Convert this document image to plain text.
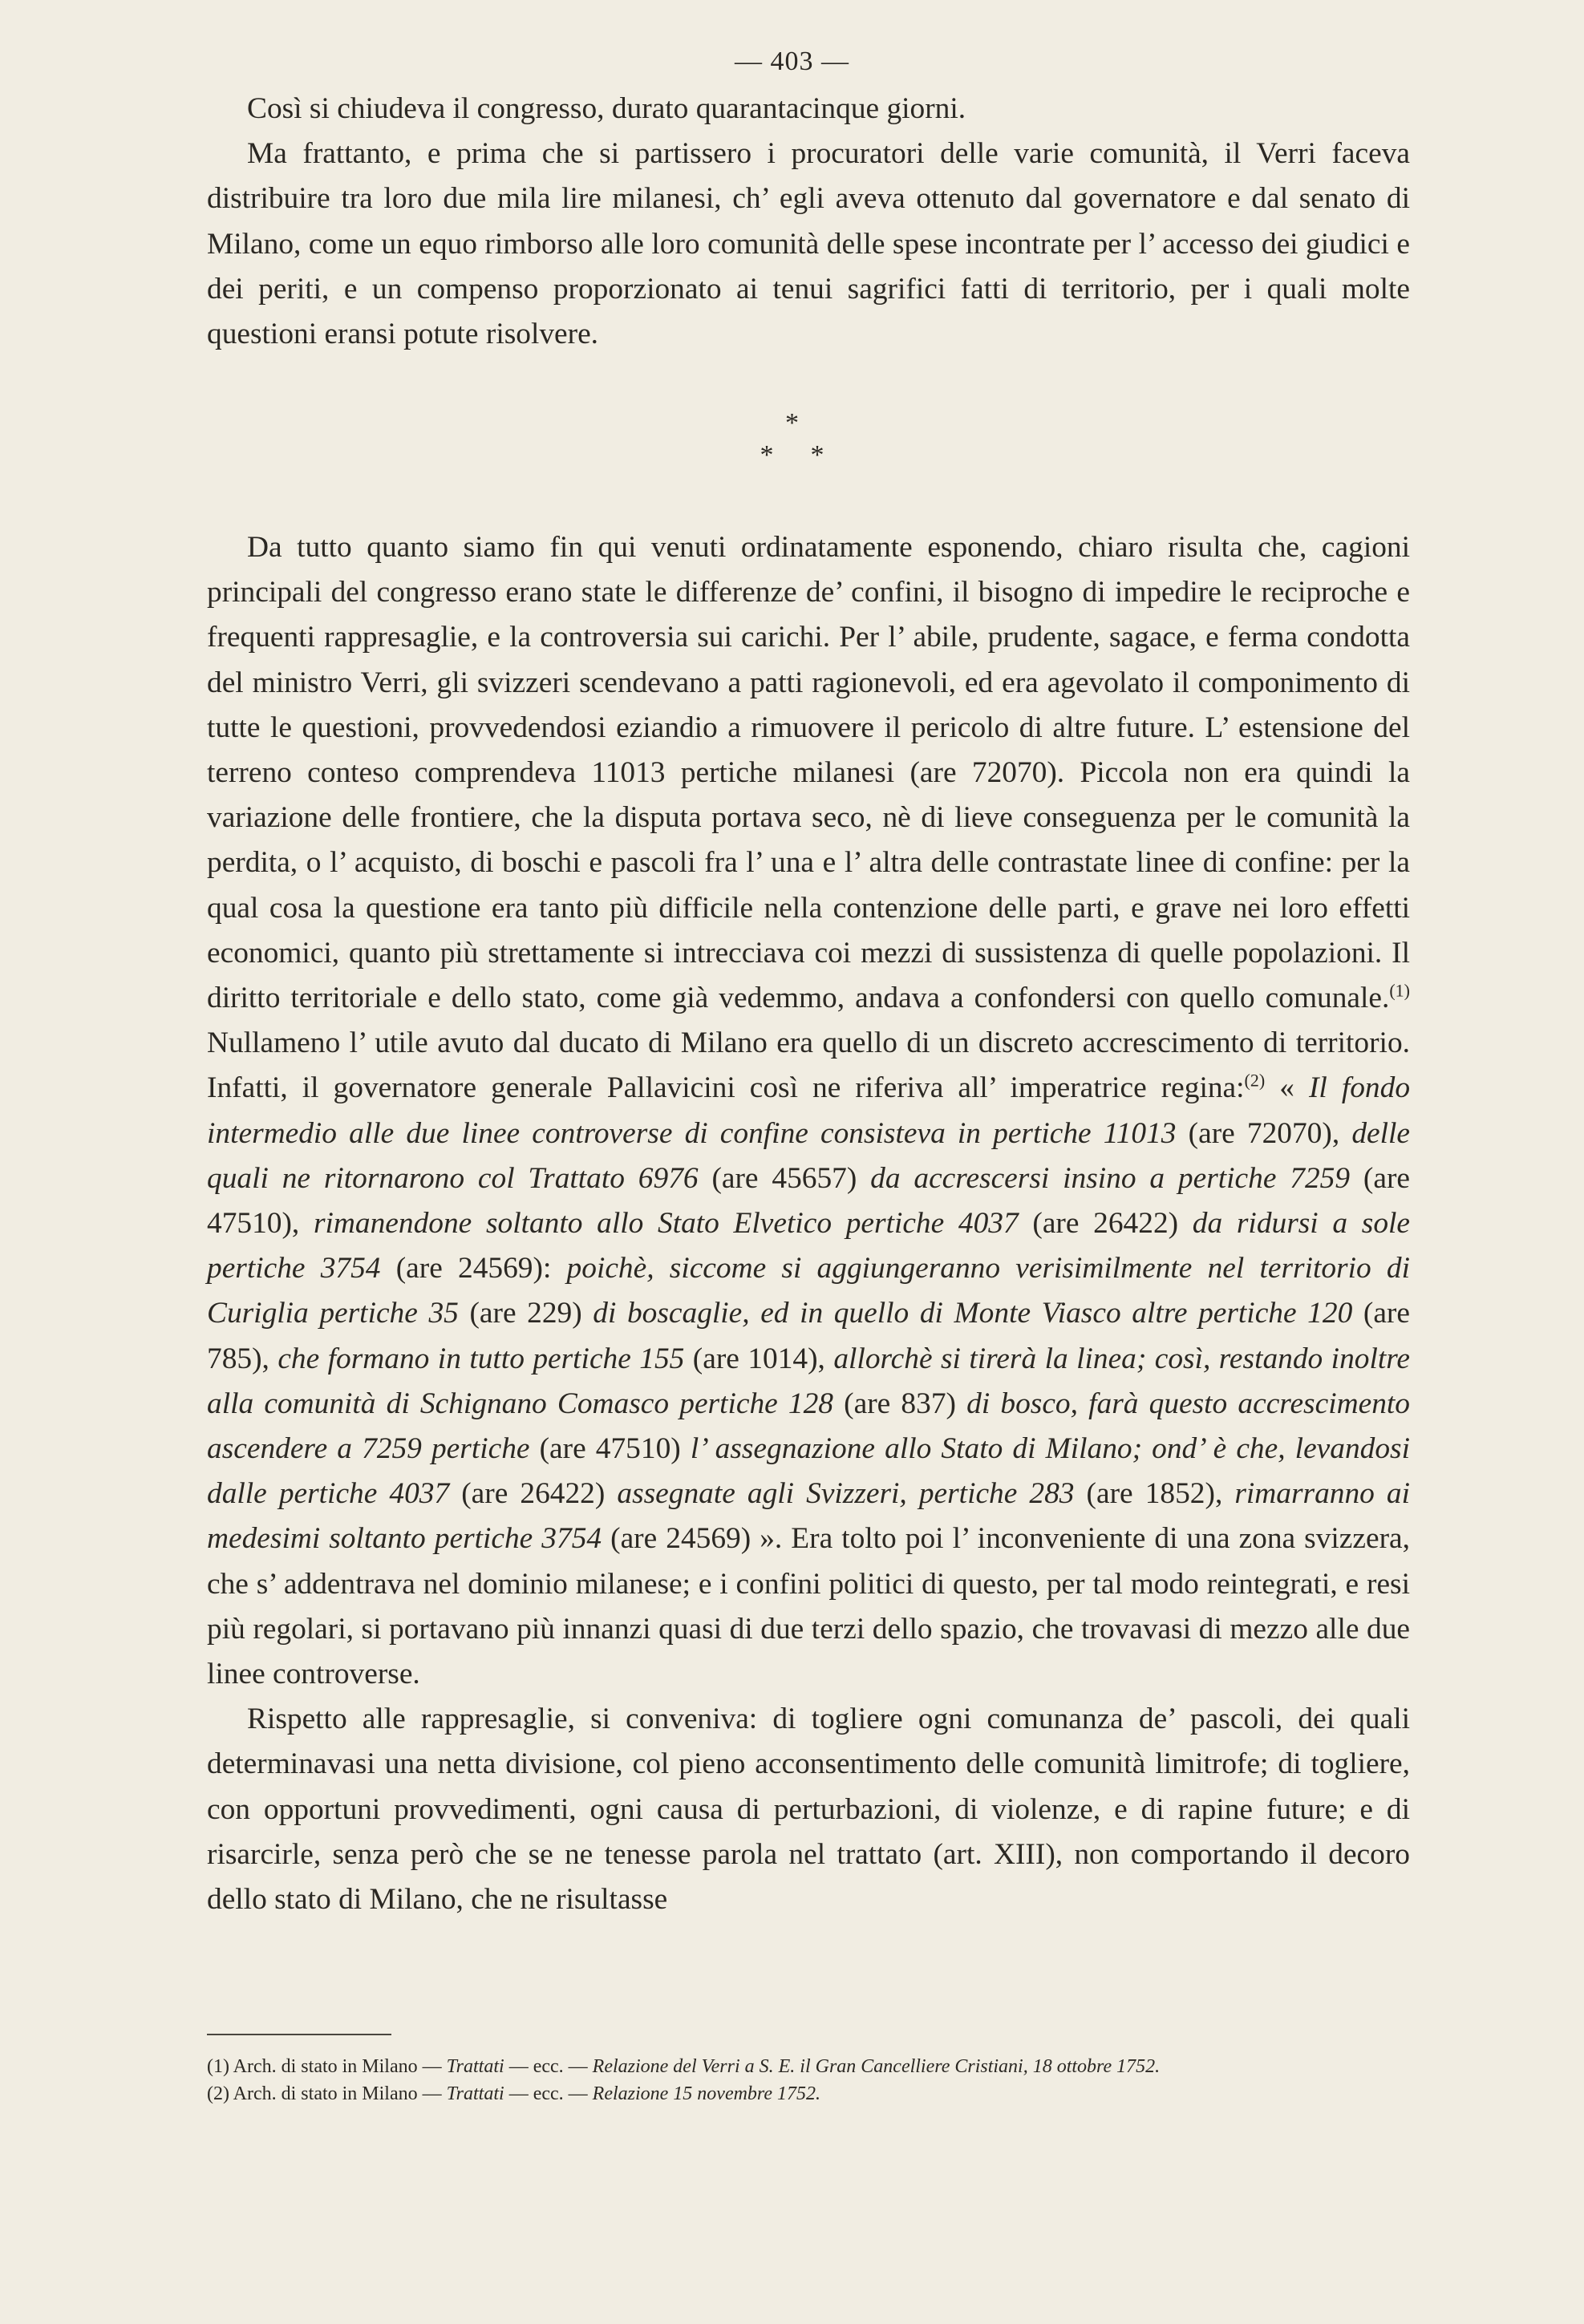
— 403 —

Così si chiudeva il congresso, durato quarantacinque giorni.

Ma frattanto, e prima che si partissero i procuratori delle varie comunità, il Verri faceva distribuire tra loro due mila lire milanesi, ch’ egli aveva ottenuto dal governatore e dal senato di Milano, come un equo rimborso alle loro comunità delle spese incontrate per l’ accesso dei giudici e dei periti, e un compenso proporzionato ai tenui sagrifici fatti di territorio, per i quali molte questioni eransi potute risolvere.

*
**

Da tutto quanto siamo fin qui venuti ordinatamente esponendo, chiaro risulta che, cagioni principali del congresso erano state le differenze de’ confini, il bisogno di impedire le reciproche e frequenti rappresaglie, e la controversia sui carichi. Per l’ abile, prudente, sagace, e ferma condotta del ministro Verri, gli svizzeri scendevano a patti ragionevoli, ed era agevolato il componimento di tutte le questioni, provvedendosi eziandio a rimuovere il pericolo di altre future. L’ estensione del terreno conteso comprendeva 11013 pertiche milanesi (are 72070). Piccola non era quindi la variazione delle frontiere, che la disputa portava seco, nè di lieve conseguenza per le comunità la perdita, o l’ acquisto, di boschi e pascoli fra l’ una e l’ altra delle contrastate linee di confine: per la qual cosa la questione era tanto più difficile nella contenzione delle parti, e grave nei loro effetti economici, quanto più strettamente si intrecciava coi mezzi di sussistenza di quelle popolazioni. Il diritto territoriale e dello stato, come già vedemmo, andava a confondersi con quello comunale.$^{(1)}$ Nullameno l’ utile avuto dal ducato di Milano era quello di un discreto accrescimento di territorio. Infatti, il governatore generale Pallavicini così ne riferiva all’ imperatrice regina:$^{(2)}$ « Il fondo intermedio alle due linee controverse di confine consisteva in pertiche 11013 (are 72070), delle quali ne ritornarono col Trattato 6976 (are 45657) da accrescersi insino a pertiche 7259 (are 47510), rimanendone soltanto allo Stato Elvetico pertiche 4037 (are 26422) da ridursi a sole pertiche 3754 (are 24569): poichè, siccome si aggiungeranno verisimilmente nel territorio di Curiglia pertiche 35 (are 229) di boscaglie, ed in quello di Monte Viasco altre pertiche 120 (are 785), che formano in tutto pertiche 155 (are 1014), allorchè si tirerà la linea; così, restando inoltre alla comunità di Schignano Comasco pertiche 128 (are 837) di bosco, farà questo accrescimento ascendere a 7259 pertiche (are 47510) l’ assegnazione allo Stato di Milano; ond’ è che, levandosi dalle pertiche 4037 (are 26422) assegnate agli Svizzeri, pertiche 283 (are 1852), rimarranno ai medesimi soltanto pertiche 3754 (are 24569) ». Era tolto poi l’ inconveniente di una zona svizzera, che s’ addentrava nel dominio milanese; e i confini politici di questo, per tal modo reintegrati, e resi più regolari, si portavano più innanzi quasi di due terzi dello spazio, che trovavasi di mezzo alle due linee controverse.

Rispetto alle rappresaglie, si conveniva: di togliere ogni comunanza de’ pascoli, dei quali determinavasi una netta divisione, col pieno acconsentimento delle comunità limitrofe; di togliere, con opportuni provvedimenti, ogni causa di perturbazioni, di violenze, e di rapine future; e di risarcirle, senza però che se ne tenesse parola nel trattato (art. XIII), non comportando il decoro dello stato di Milano, che ne risultasse

(1) Arch. di stato in Milano — Trattati — ecc. — Relazione del Verri a S. E. il Gran Cancelliere Cristiani, 18 ottobre 1752.
(2) Arch. di stato in Milano — Trattati — ecc. — Relazione 15 novembre 1752.
